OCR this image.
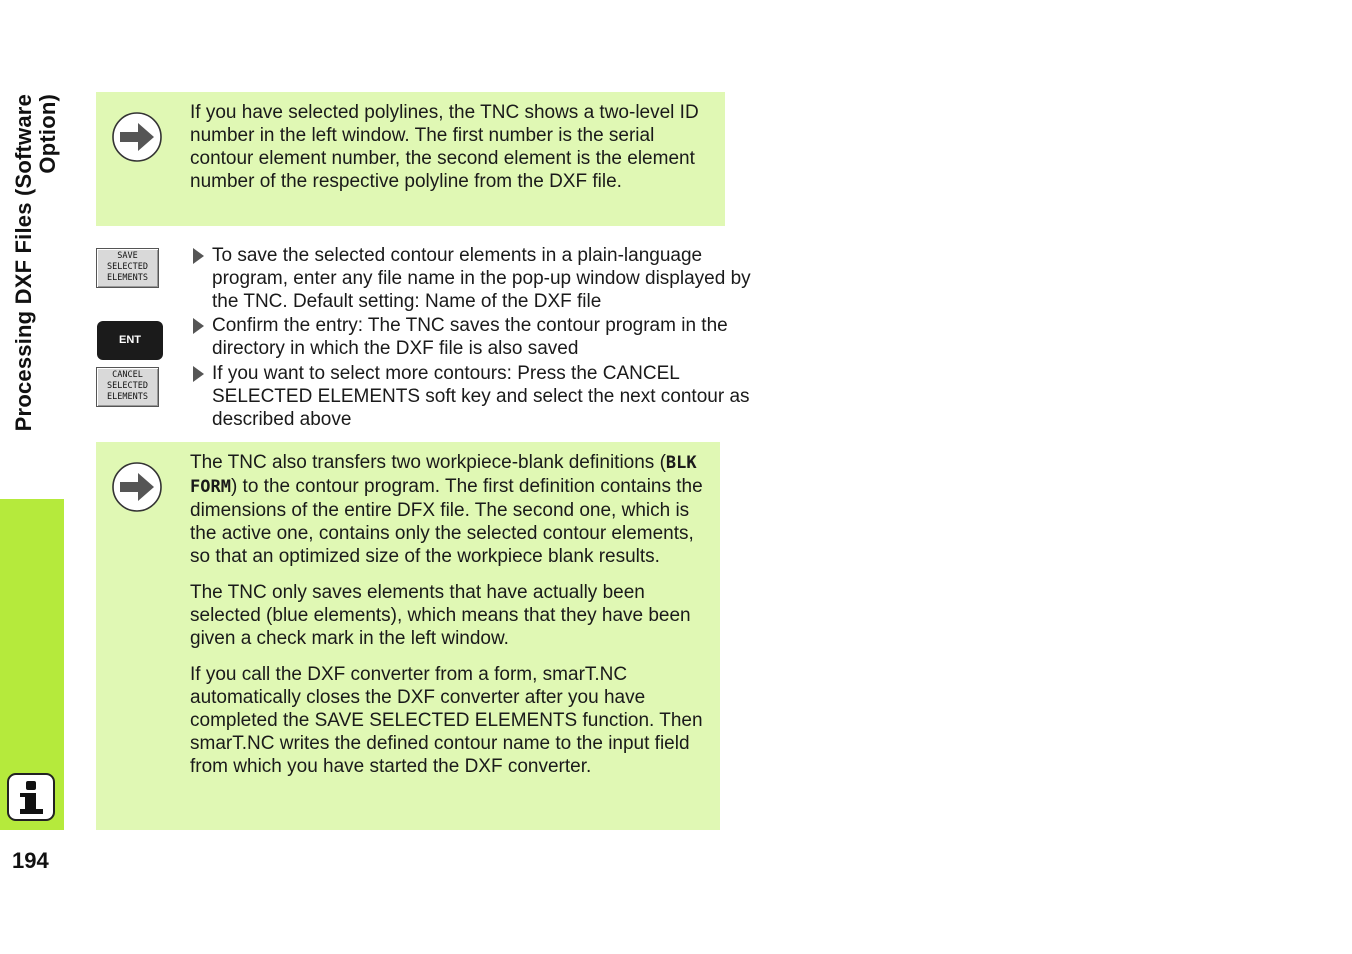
Processing DXF Files (Software Option)
194

If you have selected polylines, the TNC shows a two-level ID number in the left window. The first number is the serial contour element number, the second element is the element number of the respective polyline from the DXF file.

SAVE
SELECTED
ELEMENTS
ENT
CANCEL
SELECTED
ELEMENTS
To save the selected contour elements in a plain-language program, enter any file name in the pop-up window displayed by the TNC. Default setting: Name of the DXF file
Confirm the entry: The TNC saves the contour program in the directory in which the DXF file is also saved
If you want to select more contours: Press the CANCEL SELECTED ELEMENTS soft key and select the next contour as described above

The TNC also transfers two workpiece-blank definitions (BLK FORM) to the contour program. The first definition contains the dimensions of the entire DFX file. The second one, which is the active one, contains only the selected contour elements, so that an optimized size of the workpiece blank results.

The TNC only saves elements that have actually been selected (blue elements), which means that they have been given a check mark in the left window.

If you call the DXF converter from a form, smarT.NC automatically closes the DXF converter after you have completed the SAVE SELECTED ELEMENTS function. Then smarT.NC writes the defined contour name to the input field from which you have started the DXF converter.
